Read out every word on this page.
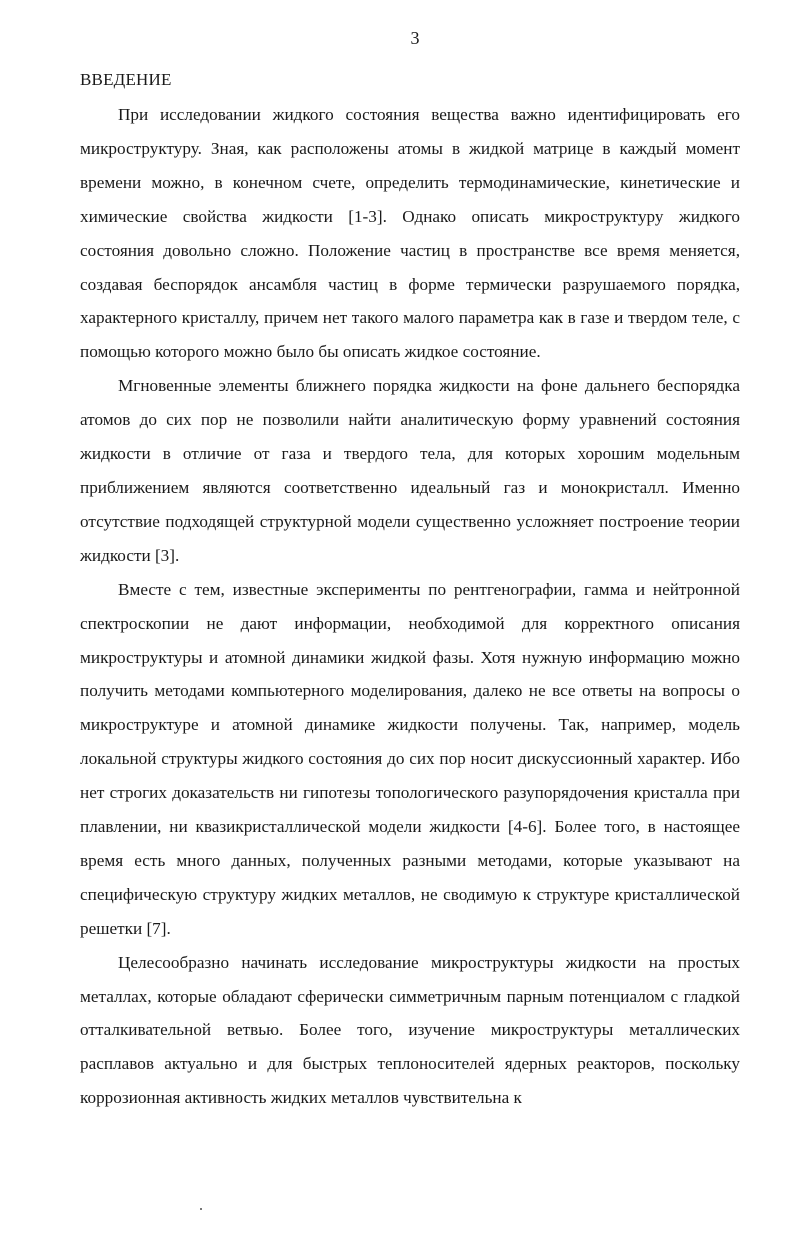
3
ВВЕДЕНИЕ

При исследовании жидкого состояния вещества важно идентифицировать его микроструктуру. Зная, как расположены атомы в жидкой матрице в каждый момент времени можно, в конечном счете, определить термодинамические, кинетические и химические свойства жидкости [1-3]. Однако описать микроструктуру жидкого состояния довольно сложно. Положение частиц в пространстве все время меняется, создавая беспорядок ансамбля частиц в форме термически разрушаемого порядка, характерного кристаллу, причем нет такого малого параметра как в газе и твердом теле, с помощью которого можно было бы описать жидкое состояние.

Мгновенные элементы ближнего порядка жидкости на фоне дальнего беспорядка атомов до сих пор не позволили найти аналитическую форму уравнений состояния жидкости в отличие от газа и твердого тела, для которых хорошим модельным приближением являются соответственно идеальный газ и монокристалл. Именно отсутствие подходящей структурной модели существенно усложняет построение теории жидкости [3].

Вместе с тем, известные эксперименты по рентгенографии, гамма и нейтронной спектроскопии не дают информации, необходимой для корректного описания микроструктуры и атомной динамики жидкой фазы. Хотя нужную информацию можно получить методами компьютерного моделирования, далеко не все ответы на вопросы о микроструктуре и атомной динамике жидкости получены. Так, например, модель локальной структуры жидкого состояния до сих пор носит дискуссионный характер. Ибо нет строгих доказательств ни гипотезы топологического разупорядочения кристалла при плавлении, ни квазикристаллической модели жидкости [4-6]. Более того, в настоящее время есть много данных, полученных разными методами, которые указывают на специфическую структуру жидких металлов, не сводимую к структуре кристаллической решетки [7].

Целесообразно начинать исследование микроструктуры жидкости на простых металлах, которые обладают сферически симметричным парным потенциалом с гладкой отталкивательной ветвью. Более того, изучение микроструктуры металлических расплавов актуально и для быстрых теплоносителей ядерных реакторов, поскольку коррозионная активность жидких металлов чувствительна к
